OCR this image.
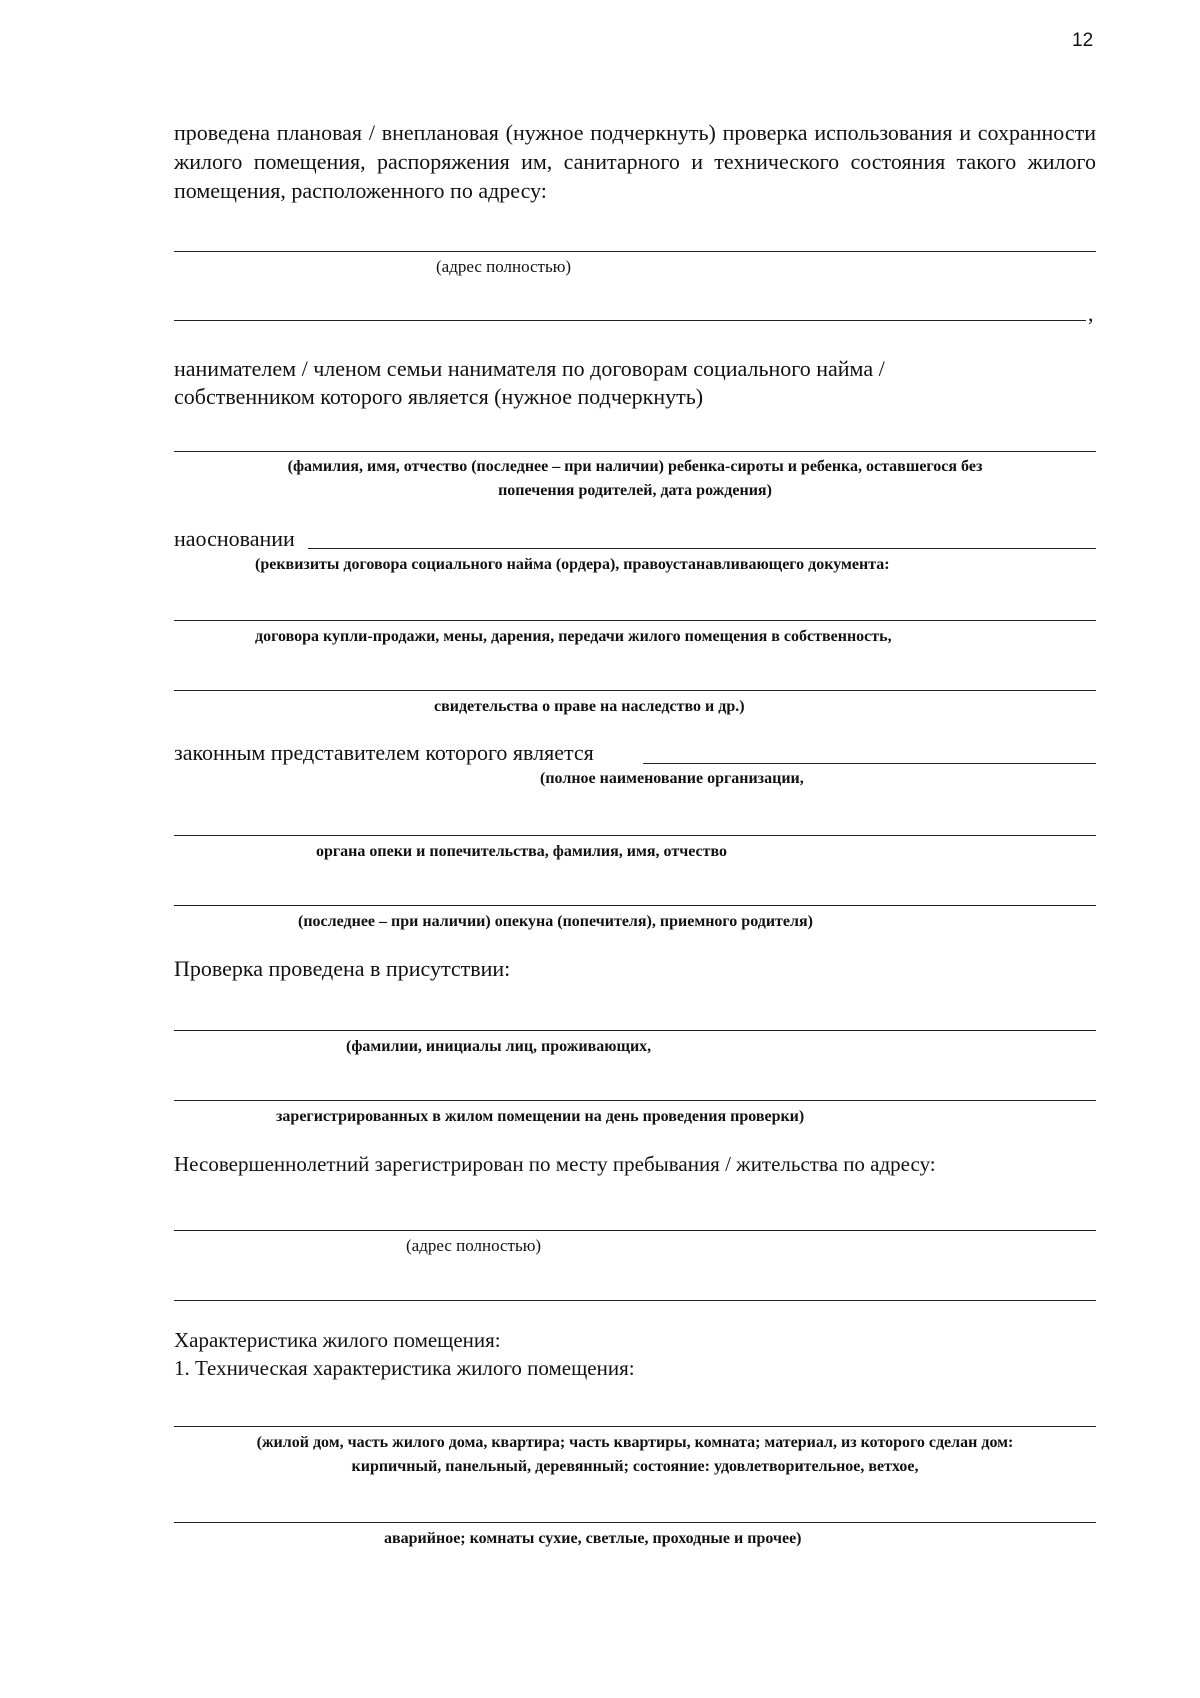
12
проведена плановая / внеплановая (нужное подчеркнуть) проверка использования и сохранности жилого помещения, распоряжения им, санитарного и технического состояния такого жилого помещения, расположенного по адресу:
(адрес полностью)
,
нанимателем / членом семьи нанимателя по договорам социального найма /
собственником которого является (нужное подчеркнуть)
(фамилия, имя, отчество (последнее – при наличии) ребенка-сироты и ребенка, оставшегося без
попечения родителей, дата рождения)
наосновании
(реквизиты договора социального найма (ордера), правоустанавливающего документа:
договора купли-продажи, мены, дарения, передачи жилого помещения в собственность,
свидетельства о праве на наследство и др.)
законным представителем которого является
(полное наименование организации,
органа опеки и попечительства, фамилия, имя, отчество
(последнее – при наличии) опекуна (попечителя), приемного родителя)
Проверка проведена в присутствии:
(фамилии, инициалы лиц, проживающих,
зарегистрированных в жилом помещении на день проведения проверки)
Несовершеннолетний зарегистрирован по месту пребывания / жительства по адресу:
(адрес полностью)
Характеристика жилого помещения:
1. Техническая характеристика жилого помещения:
(жилой дом, часть жилого дома, квартира; часть квартиры, комната; материал, из которого сделан дом:
кирпичный, панельный, деревянный; состояние: удовлетворительное, ветхое,
аварийное; комнаты сухие, светлые, проходные и прочее)
